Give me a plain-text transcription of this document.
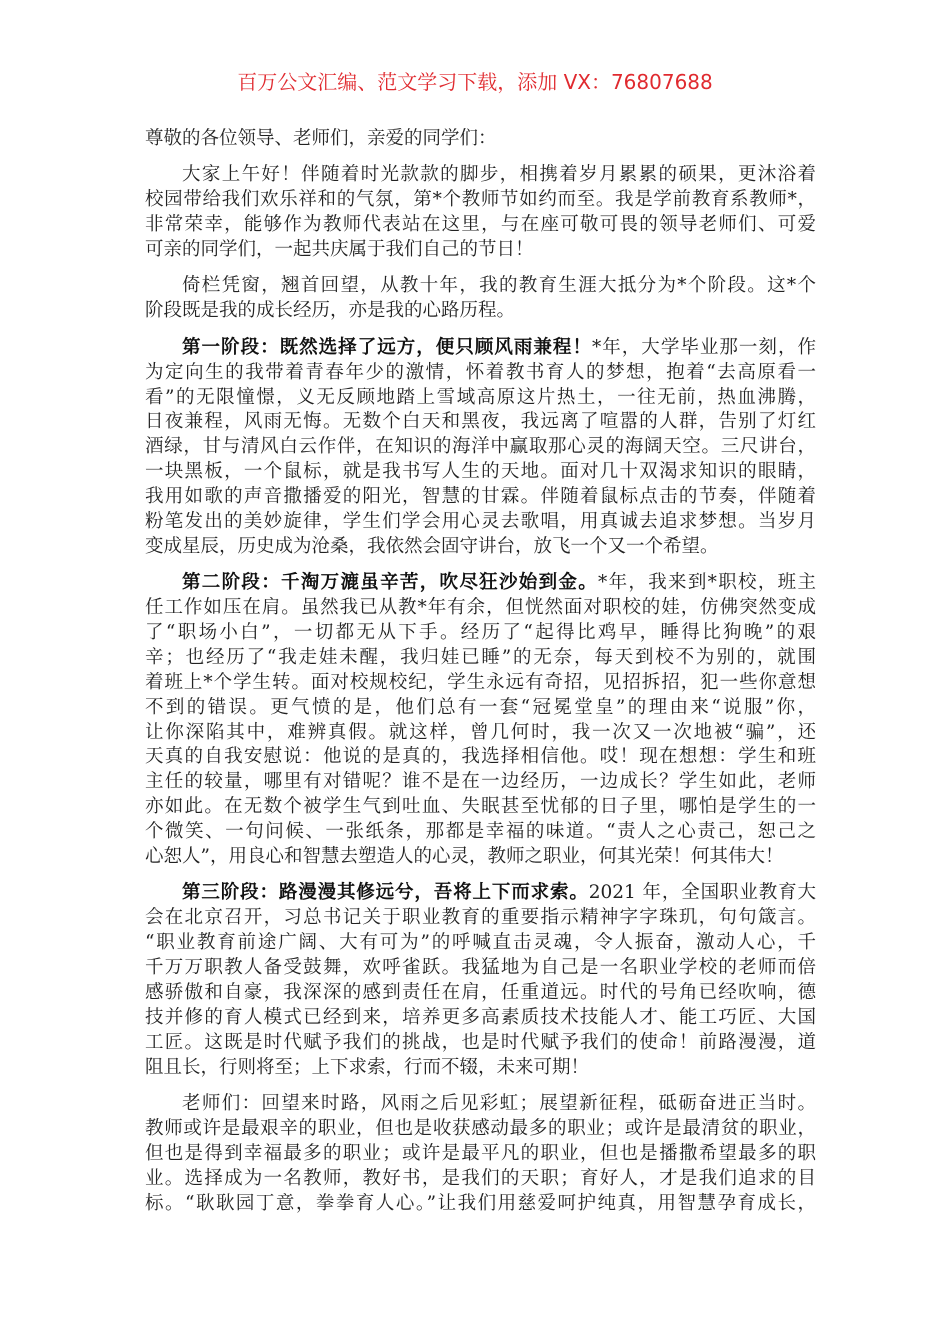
百万公文汇编、范文学习下载，添加 VX：76807688
尊敬的各位领导、老师们，亲爱的同学们：
大家上午好！伴随着时光款款的脚步，相携着岁月累累的硕果，更沐浴着
校园带给我们欢乐祥和的气氛，第*个教师节如约而至。我是学前教育系教师*，
非常荣幸，能够作为教师代表站在这里，与在座可敬可畏的领导老师们、可爱
可亲的同学们，一起共庆属于我们自己的节日！
倚栏凭窗，翘首回望，从教十年，我的教育生涯大抵分为*个阶段。这*个
阶段既是我的成长经历，亦是我的心路历程。
第一阶段：既然选择了远方，便只顾风雨兼程！*年，大学毕业那一刻，作
为定向生的我带着青春年少的激情，怀着教书育人的梦想，抱着“去高原看一
看”的无限憧憬，义无反顾地踏上雪域高原这片热土，一往无前，热血沸腾，
日夜兼程，风雨无悔。无数个白天和黑夜，我远离了喧嚣的人群，告别了灯红
酒绿，甘与清风白云作伴，在知识的海洋中赢取那心灵的海阔天空。三尺讲台，
一块黑板，一个鼠标，就是我书写人生的天地。面对几十双渴求知识的眼睛，
我用如歌的声音撒播爱的阳光，智慧的甘霖。伴随着鼠标点击的节奏，伴随着
粉笔发出的美妙旋律，学生们学会用心灵去歌唱，用真诚去追求梦想。当岁月
变成星辰，历史成为沧桑，我依然会固守讲台，放飞一个又一个希望。
第二阶段：千淘万漉虽辛苦，吹尽狂沙始到金。*年，我来到*职校，班主
任工作如压在肩。虽然我已从教*年有余，但恍然面对职校的娃，仿佛突然变成
了“职场小白”，一切都无从下手。经历了“起得比鸡早，睡得比狗晚”的艰
辛；也经历了“我走娃未醒，我归娃已睡”的无奈，每天到校不为别的，就围
着班上*个学生转。面对校规校纪，学生永远有奇招，见招拆招，犯一些你意想
不到的错误。更气愤的是，他们总有一套“冠冕堂皇”的理由来“说服”你，
让你深陷其中，难辨真假。就这样，曾几何时，我一次又一次地被“骗”，还
天真的自我安慰说：他说的是真的，我选择相信他。哎！现在想想：学生和班
主任的较量，哪里有对错呢？谁不是在一边经历，一边成长？学生如此，老师
亦如此。在无数个被学生气到吐血、失眠甚至忧郁的日子里，哪怕是学生的一
个微笑、一句问候、一张纸条，那都是幸福的味道。“责人之心责己，恕己之
心恕人”，用良心和智慧去塑造人的心灵，教师之职业，何其光荣！何其伟大！
第三阶段：路漫漫其修远兮，吾将上下而求索。2021 年，全国职业教育大
会在北京召开，习总书记关于职业教育的重要指示精神字字珠玑，句句箴言。
“职业教育前途广阔、大有可为”的呼喊直击灵魂，令人振奋，激动人心，千
千万万职教人备受鼓舞，欢呼雀跃。我猛地为自己是一名职业学校的老师而倍
感骄傲和自豪，我深深的感到责任在肩，任重道远。时代的号角已经吹响，德
技并修的育人模式已经到来，培养更多高素质技术技能人才、能工巧匠、大国
工匠。这既是时代赋予我们的挑战，也是时代赋予我们的使命！前路漫漫，道
阻且长，行则将至；上下求索，行而不辍，未来可期！
老师们：回望来时路，风雨之后见彩虹；展望新征程，砥砺奋进正当时。
教师或许是最艰辛的职业，但也是收获感动最多的职业；或许是最清贫的职业，
但也是得到幸福最多的职业；或许是最平凡的职业，但也是播撒希望最多的职
业。选择成为一名教师，教好书，是我们的天职；育好人，才是我们追求的目
标。“耿耿园丁意，拳拳育人心。”让我们用慈爱呵护纯真，用智慧孕育成长，
